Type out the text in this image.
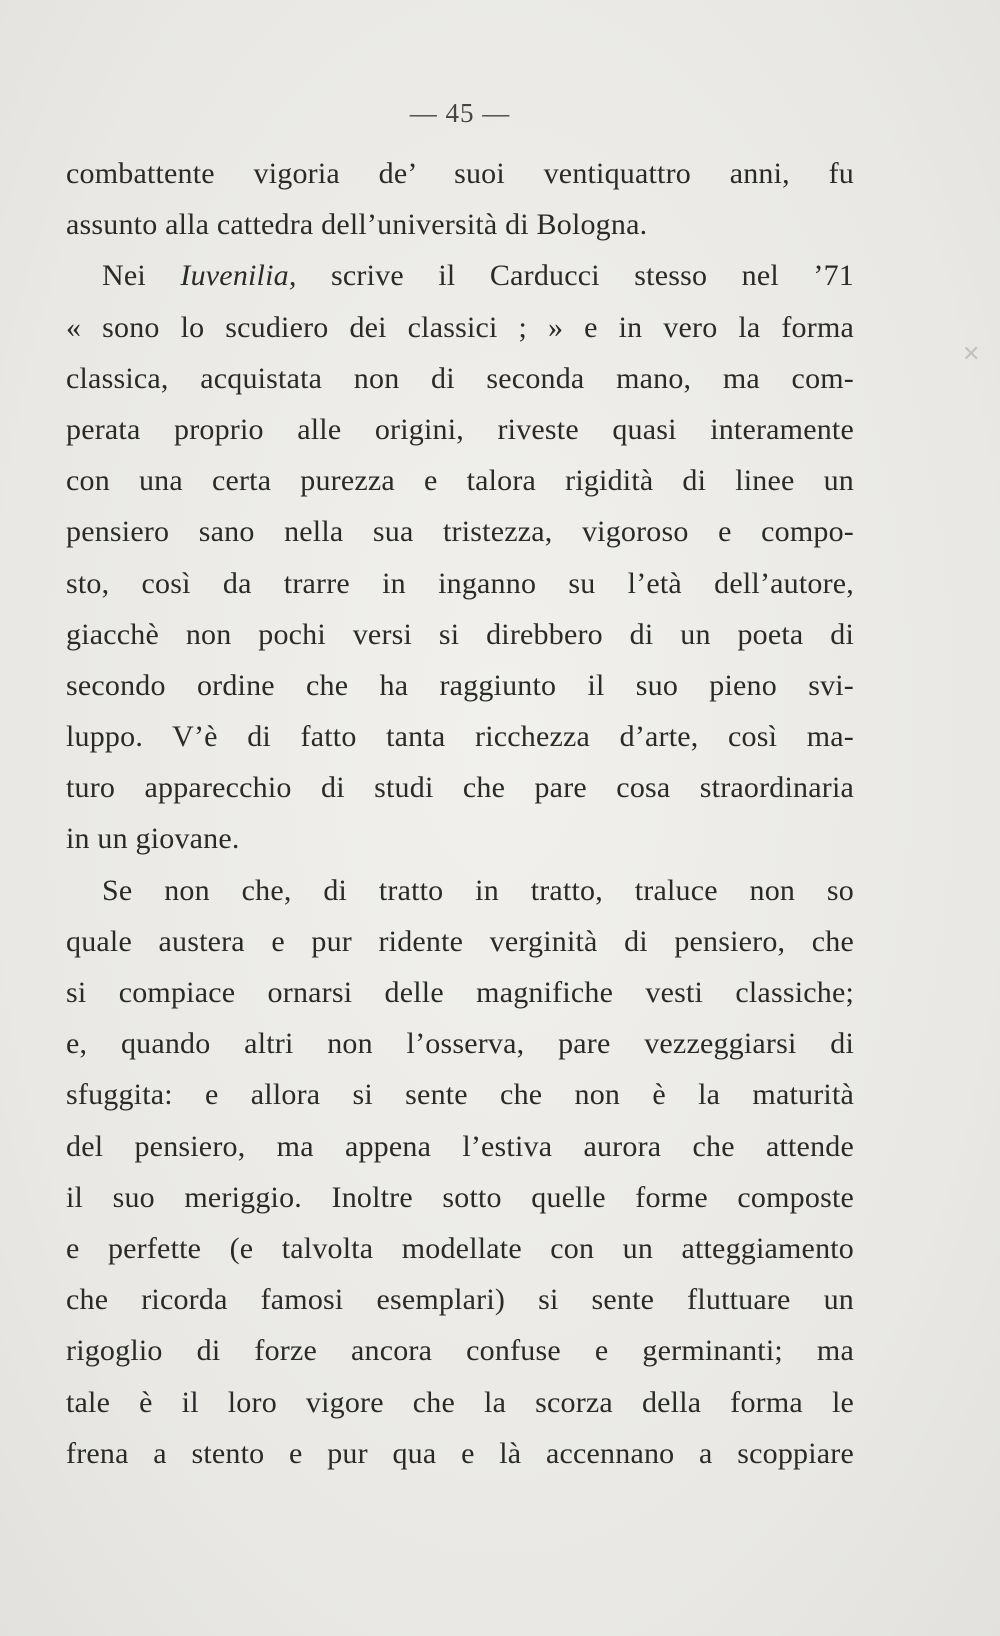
— 45 —
✕
combattente vigoria de’ suoi ventiquattro anni, fu
assunto alla cattedra dell’università di Bologna.
Nei Iuvenilia, scrive il Carducci stesso nel ’71
« sono lo scudiero dei classici ; » e in vero la forma
classica, acquistata non di seconda mano, ma com-
perata proprio alle origini, riveste quasi interamente
con una certa purezza e talora rigidità di linee un
pensiero sano nella sua tristezza, vigoroso e compo-
sto, così da trarre in inganno su l’età dell’autore,
giacchè non pochi versi si direbbero di un poeta di
secondo ordine che ha raggiunto il suo pieno svi-
luppo. V’è di fatto tanta ricchezza d’arte, così ma-
turo apparecchio di studi che pare cosa straordinaria
in un giovane.
Se non che, di tratto in tratto, traluce non so
quale austera e pur ridente verginità di pensiero, che
si compiace ornarsi delle magnifiche vesti classiche;
e, quando altri non l’osserva, pare vezzeggiarsi di
sfuggita: e allora si sente che non è la maturità
del pensiero, ma appena l’estiva aurora che attende
il suo meriggio. Inoltre sotto quelle forme composte
e perfette (e talvolta modellate con un atteggiamento
che ricorda famosi esemplari) si sente fluttuare un
rigoglio di forze ancora confuse e germinanti; ma
tale è il loro vigore che la scorza della forma le
frena a stento e pur qua e là accennano a scoppiare
